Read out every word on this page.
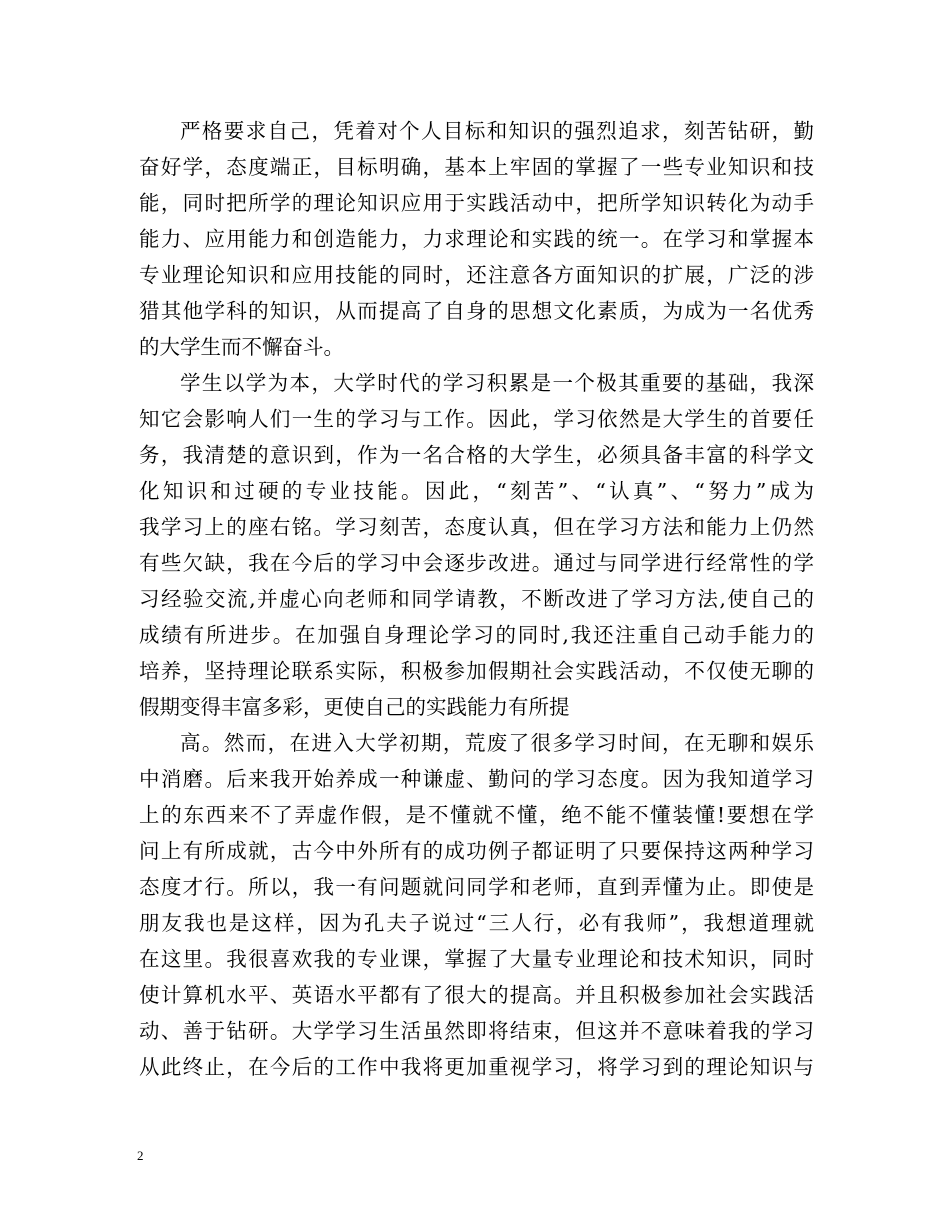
严格要求自己，凭着对个人目标和知识的强烈追求，刻苦钻研，勤
奋好学，态度端正，目标明确，基本上牢固的掌握了一些专业知识和技
能，同时把所学的理论知识应用于实践活动中，把所学知识转化为动手
能力、应用能力和创造能力，力求理论和实践的统一。在学习和掌握本
专业理论知识和应用技能的同时，还注意各方面知识的扩展，广泛的涉
猎其他学科的知识，从而提高了自身的思想文化素质，为成为一名优秀
的大学生而不懈奋斗。
学生以学为本，大学时代的学习积累是一个极其重要的基础，我深
知它会影响人们一生的学习与工作。因此，学习依然是大学生的首要任
务，我清楚的意识到，作为一名合格的大学生，必须具备丰富的科学文
化知识和过硬的专业技能。因此，“刻苦”、“认真”、“努力”成为
我学习上的座右铭。学习刻苦，态度认真，但在学习方法和能力上仍然
有些欠缺，我在今后的学习中会逐步改进。通过与同学进行经常性的学
习经验交流,并虚心向老师和同学请教，不断改进了学习方法,使自己的
成绩有所进步。在加强自身理论学习的同时,我还注重自己动手能力的
培养，坚持理论联系实际，积极参加假期社会实践活动，不仅使无聊的
假期变得丰富多彩，更使自己的实践能力有所提
高。然而，在进入大学初期，荒废了很多学习时间，在无聊和娱乐
中消磨。后来我开始养成一种谦虚、勤问的学习态度。因为我知道学习
上的东西来不了弄虚作假，是不懂就不懂，绝不能不懂装懂!要想在学
问上有所成就，古今中外所有的成功例子都证明了只要保持这两种学习
态度才行。所以，我一有问题就问同学和老师，直到弄懂为止。即使是
朋友我也是这样，因为孔夫子说过“三人行，必有我师”，我想道理就
在这里。我很喜欢我的专业课，掌握了大量专业理论和技术知识，同时
使计算机水平、英语水平都有了很大的提高。并且积极参加社会实践活
动、善于钻研。大学学习生活虽然即将结束，但这并不意味着我的学习
从此终止，在今后的工作中我将更加重视学习，将学习到的理论知识与
2
